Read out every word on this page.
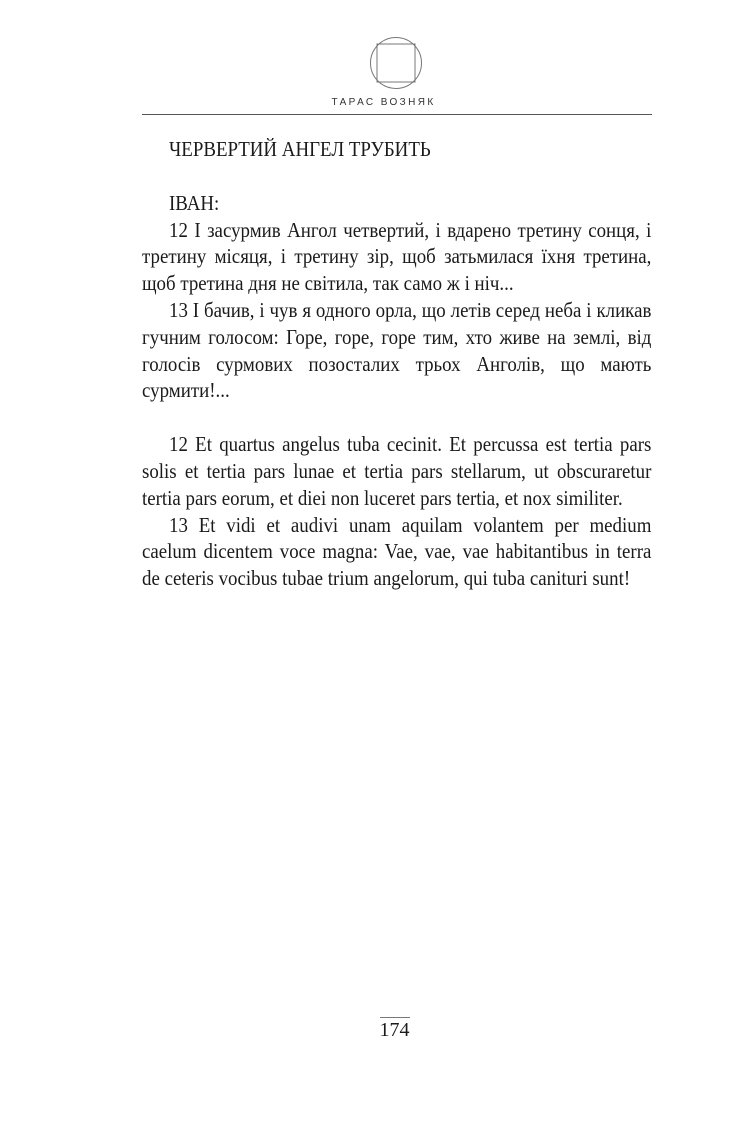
ТАРАС ВОЗНЯК

ЧЕРВЕРТИЙ АНГЕЛ ТРУБИТЬ

ІВАН:

12 І засурмив Ангол четвертий, і вдарено третину сонця, і третину місяця, і третину зір, щоб затьмилася їхня третина, щоб третина дня не світила, так само ж і ніч...

13 І бачив, і чув я одного орла, що летів серед неба і кликав гучним голосом: Горе, горе, горе тим, хто живе на землі, від голосів сурмових позосталих трьох Анголів, що мають сурмити!...

12 Et quartus angelus tuba cecinit. Et percussa est tertia pars solis et tertia pars lunae et tertia pars stellarum, ut obscuraretur tertia pars eorum, et diei non luceret pars tertia, et nox similiter.

13 Et vidi et audivi unam aquilam volantem per medium caelum dicentem voce magna: Vae, vae, vae habitantibus in terra de ceteris vocibus tubae trium angelorum, qui tuba caniturі sunt!

174
